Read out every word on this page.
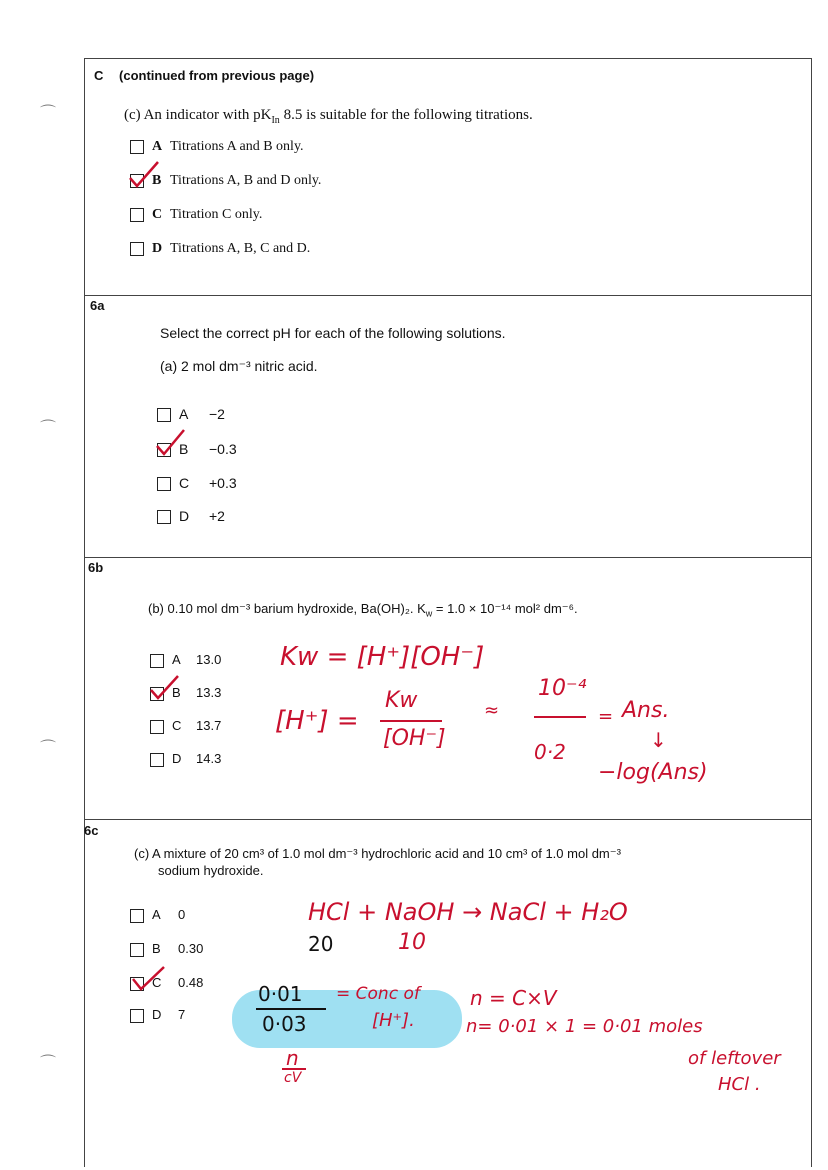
⌒
⌒
⌒
⌒
C (continued from previous page)
(c) An indicator with $pK_{In}$ 8.5 is suitable for the following titrations.
A Titrations A and B only.
B Titrations A, B and D only.
C Titration C only.
D Titrations A, B, C and D.
6a
Select the correct pH for each of the following solutions.
(a) 2 mol dm⁻³ nitric acid.
A −2
B −0.3
C +0.3
D +2
6b
(b) 0.10 mol dm⁻³ barium hydroxide, Ba(OH)₂. $K_w = 1.0 \times 10^{-14}$ mol² dm⁻⁶.
A 13.0
B 13.3
C 13.7
D 14.3
Kw = [H⁺][OH⁻]
[H⁺] =
Kw
[OH⁻]
≈
10⁻⁴
0·2
= Ans.
↓
−log(Ans)
6c
(c) A mixture of 20 cm³ of 1.0 mol dm⁻³ hydrochloric acid and 10 cm³ of 1.0 mol dm⁻³
sodium hydroxide.
A 0
B 0.30
C 0.48
D 7
HCl + NaOH → NaCl + H₂O
20	10
0·01
0·03
= Conc of
[H⁺].
n
cV
n = C×V
n= 0·01 × 1 = 0·01 moles
of leftover
HCl .
